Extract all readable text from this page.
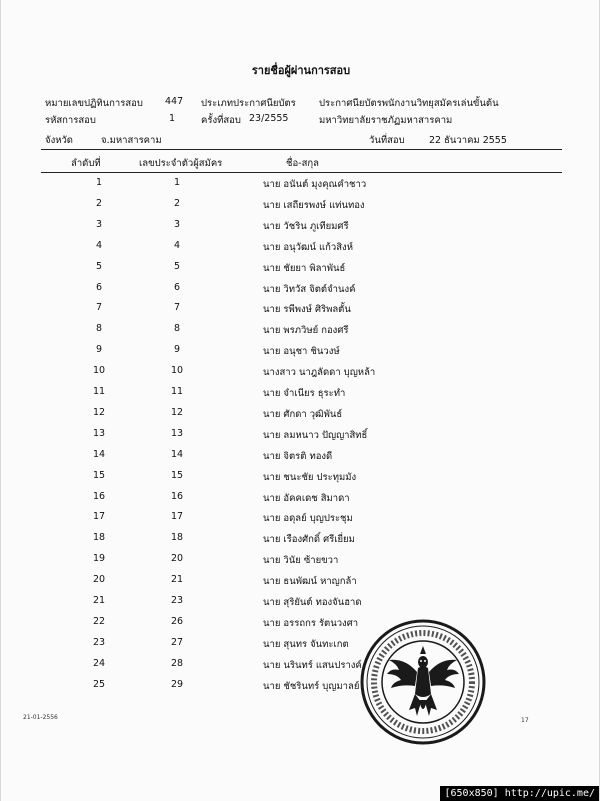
รายชื่อผู้ผ่านการสอบ
หมายเลขปฏิทินการสอบ 447 ประเภทประกาศนียบัตร ประกาศนียบัตรพนักงานวิทยุสมัครเล่นขั้นต้น
รหัสการสอบ	1	ครั้งที่สอบ 23/2555	มหาวิทยาลัยราชภัฏมหาสารคาม
จังหวัด	จ.มหาสารคาม	วันที่สอบ	22 ธันวาคม 2555
ลำดับที่	เลขประจำตัวผู้สมัคร	ชื่อ-สกุล
1	1	นาย อนันต์ มุงคุณคำชาว
2	2	นาย เสถียรพงษ์ แท่นทอง
3	3	นาย วัชริน ภูเทียมศรี
4	4	นาย อนุวัฒน์ แก้วสิงห์
5	5	นาย ชัยยา พิลาพันธ์
6	6	นาย วิทวัส จิตต์จำนงค์
7	7	นาย รพีพงษ์ ศิริพลตั้น
8	8	นาย พรภวิษย์ กองศรี
9	9	นาย อนุชา ชินวงษ์
10	10	นางสาว นาฎลัดดา บุญหล้า
11	11	นาย จำเนียร ธุระทำ
12	12	นาย ศักดา วุฒิพันธ์
13	13	นาย ลมหนาว ปัญญาสิทธิ์
14	14	นาย จิตรติ ทองดี
15	15	นาย ชนะชัย ประทุมมัง
16	16	นาย อัคคเดช สิมาดา
17	17	นาย อดุลย์ บุญประชุม
18	18	นาย เรืองศักดิ์ ศรีเยี่ยม
19	20	นาย วินัย ซ้ายขวา
20	21	นาย ธนพัฒน์ หาญกล้า
21	23	นาย สุริยันต์ ทองจันฮาด
22	26	นาย อรรถกร รัตนวงศา
23	27	นาย สุนทร จันทะเกต
24	28	นาย นรินทร์ แสนปรางค์
25	29	นาย ชัชรินทร์ บุญมาลย์
21-01-2556	17
[650x850] http://upic.me/
